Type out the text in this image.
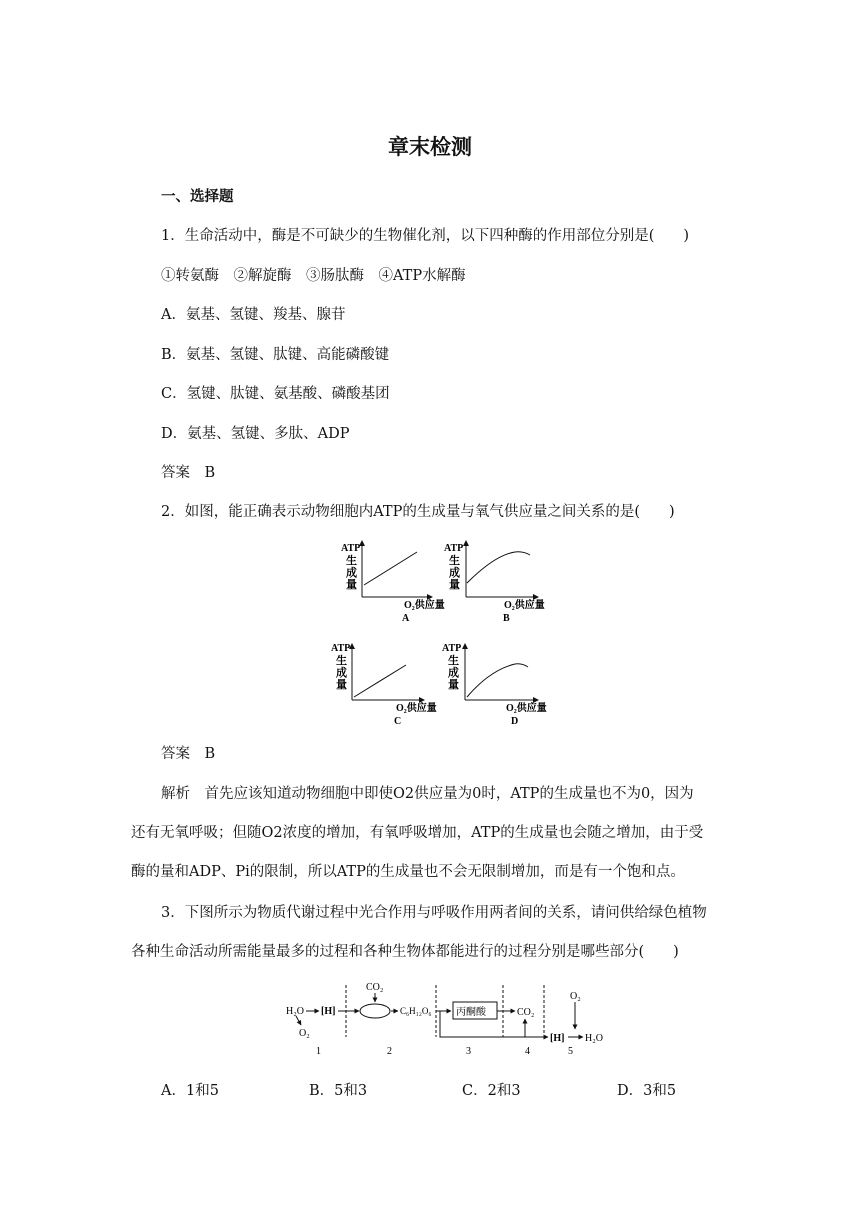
章末检测
一、选择题
1．生命活动中，酶是不可缺少的生物催化剂，以下四种酶的作用部位分别是(　　)
①转氨酶　②解旋酶　③肠肽酶　④ATP水解酶
A．氨基、氢键、羧基、腺苷
B．氨基、氢键、肽键、高能磷酸键
C．氢键、肽键、氨基酸、磷酸基团
D．氨基、氢键、多肽、ADP
答案　B
2．如图，能正确表示动物细胞内ATP的生成量与氧气供应量之间关系的是(　　)
ATP
生
成
量
O₂供应量
A
ATP
生
成
量
O₂供应量
B
ATP
生
成
量
O₂供应量
C
ATP
生
成
量
O₂供应量
D
答案　B
解析　首先应该知道动物细胞中即使O2供应量为0时，ATP的生成量也不为0，因为
还有无氧呼吸；但随O2浓度的增加，有氧呼吸增加，ATP的生成量也会随之增加，由于受
酶的量和ADP、Pi的限制，所以ATP的生成量也不会无限制增加，而是有一个饱和点。
3．下图所示为物质代谢过程中光合作用与呼吸作用两者间的关系，请问供给绿色植物
各种生命活动所需能量最多的过程和各种生物体都能进行的过程分别是哪些部分(　　)
H₂O [H]
O₂
CO₂
C₆H₁₂O₆ 丙酮酸	CO₂
O₂
[H] H₂O
1	2	3	4	5
A．1和5	B．5和3	C．2和3	D．3和5
